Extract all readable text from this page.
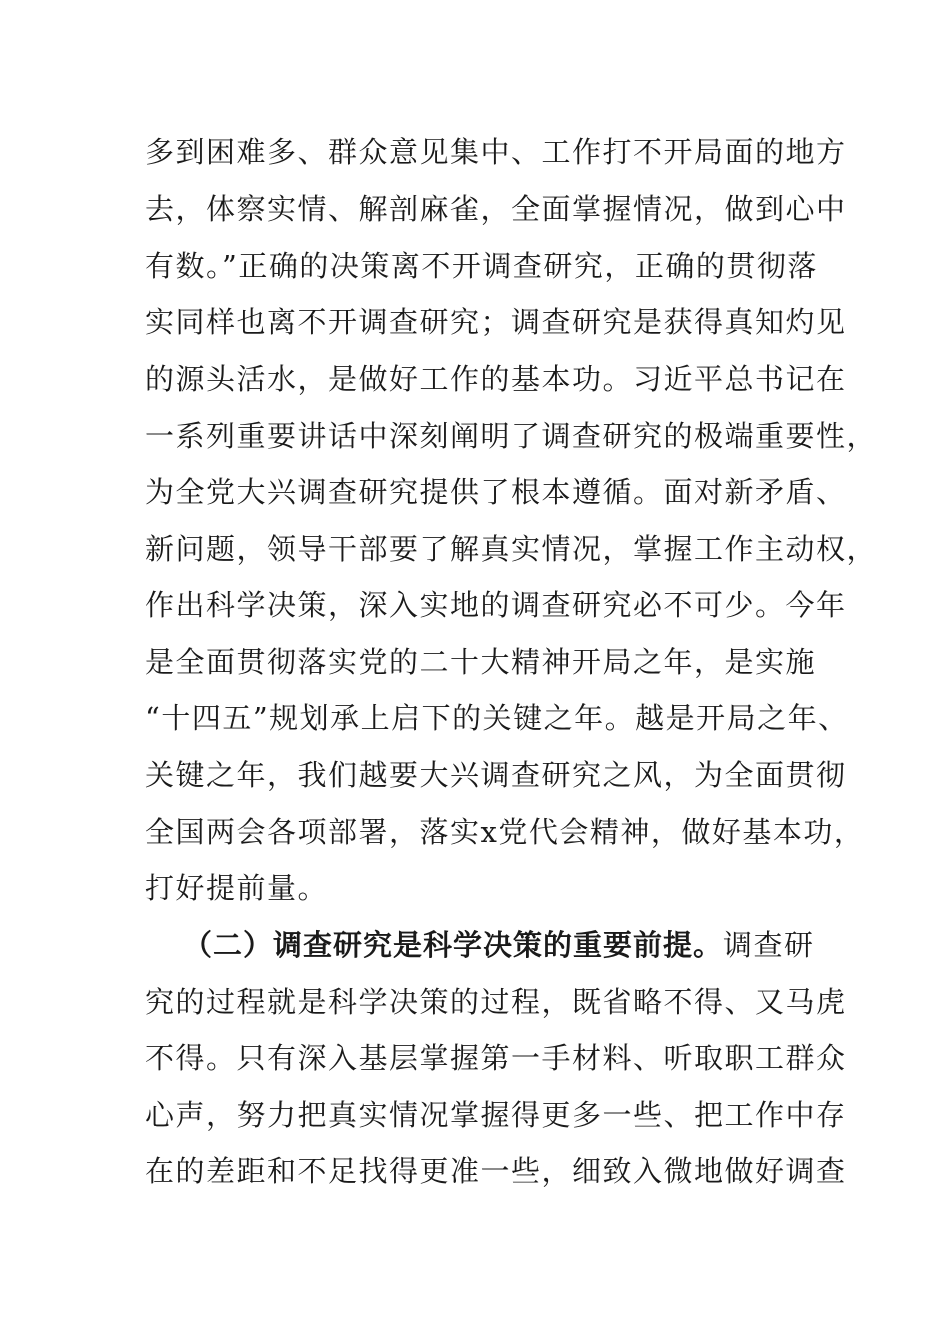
多到困难多、群众意见集中、工作打不开局面的地方
去，体察实情、解剖麻雀，全面掌握情况，做到心中
有数。”正确的决策离不开调查研究，正确的贯彻落
实同样也离不开调查研究；调查研究是获得真知灼见
的源头活水，是做好工作的基本功。习近平总书记在
一系列重要讲话中深刻阐明了调查研究的极端重要性，
为全党大兴调查研究提供了根本遵循。面对新矛盾、
新问题，领导干部要了解真实情况，掌握工作主动权，
作出科学决策，深入实地的调查研究必不可少。今年
是全面贯彻落实党的二十大精神开局之年，是实施
“十四五”规划承上启下的关键之年。越是开局之年、
关键之年，我们越要大兴调查研究之风，为全面贯彻
全国两会各项部署，落实x党代会精神，做好基本功，
打好提前量。
（二）调查研究是科学决策的重要前提。调查研
究的过程就是科学决策的过程，既省略不得、又马虎
不得。只有深入基层掌握第一手材料、听取职工群众
心声，努力把真实情况掌握得更多一些、把工作中存
在的差距和不足找得更准一些，细致入微地做好调查
